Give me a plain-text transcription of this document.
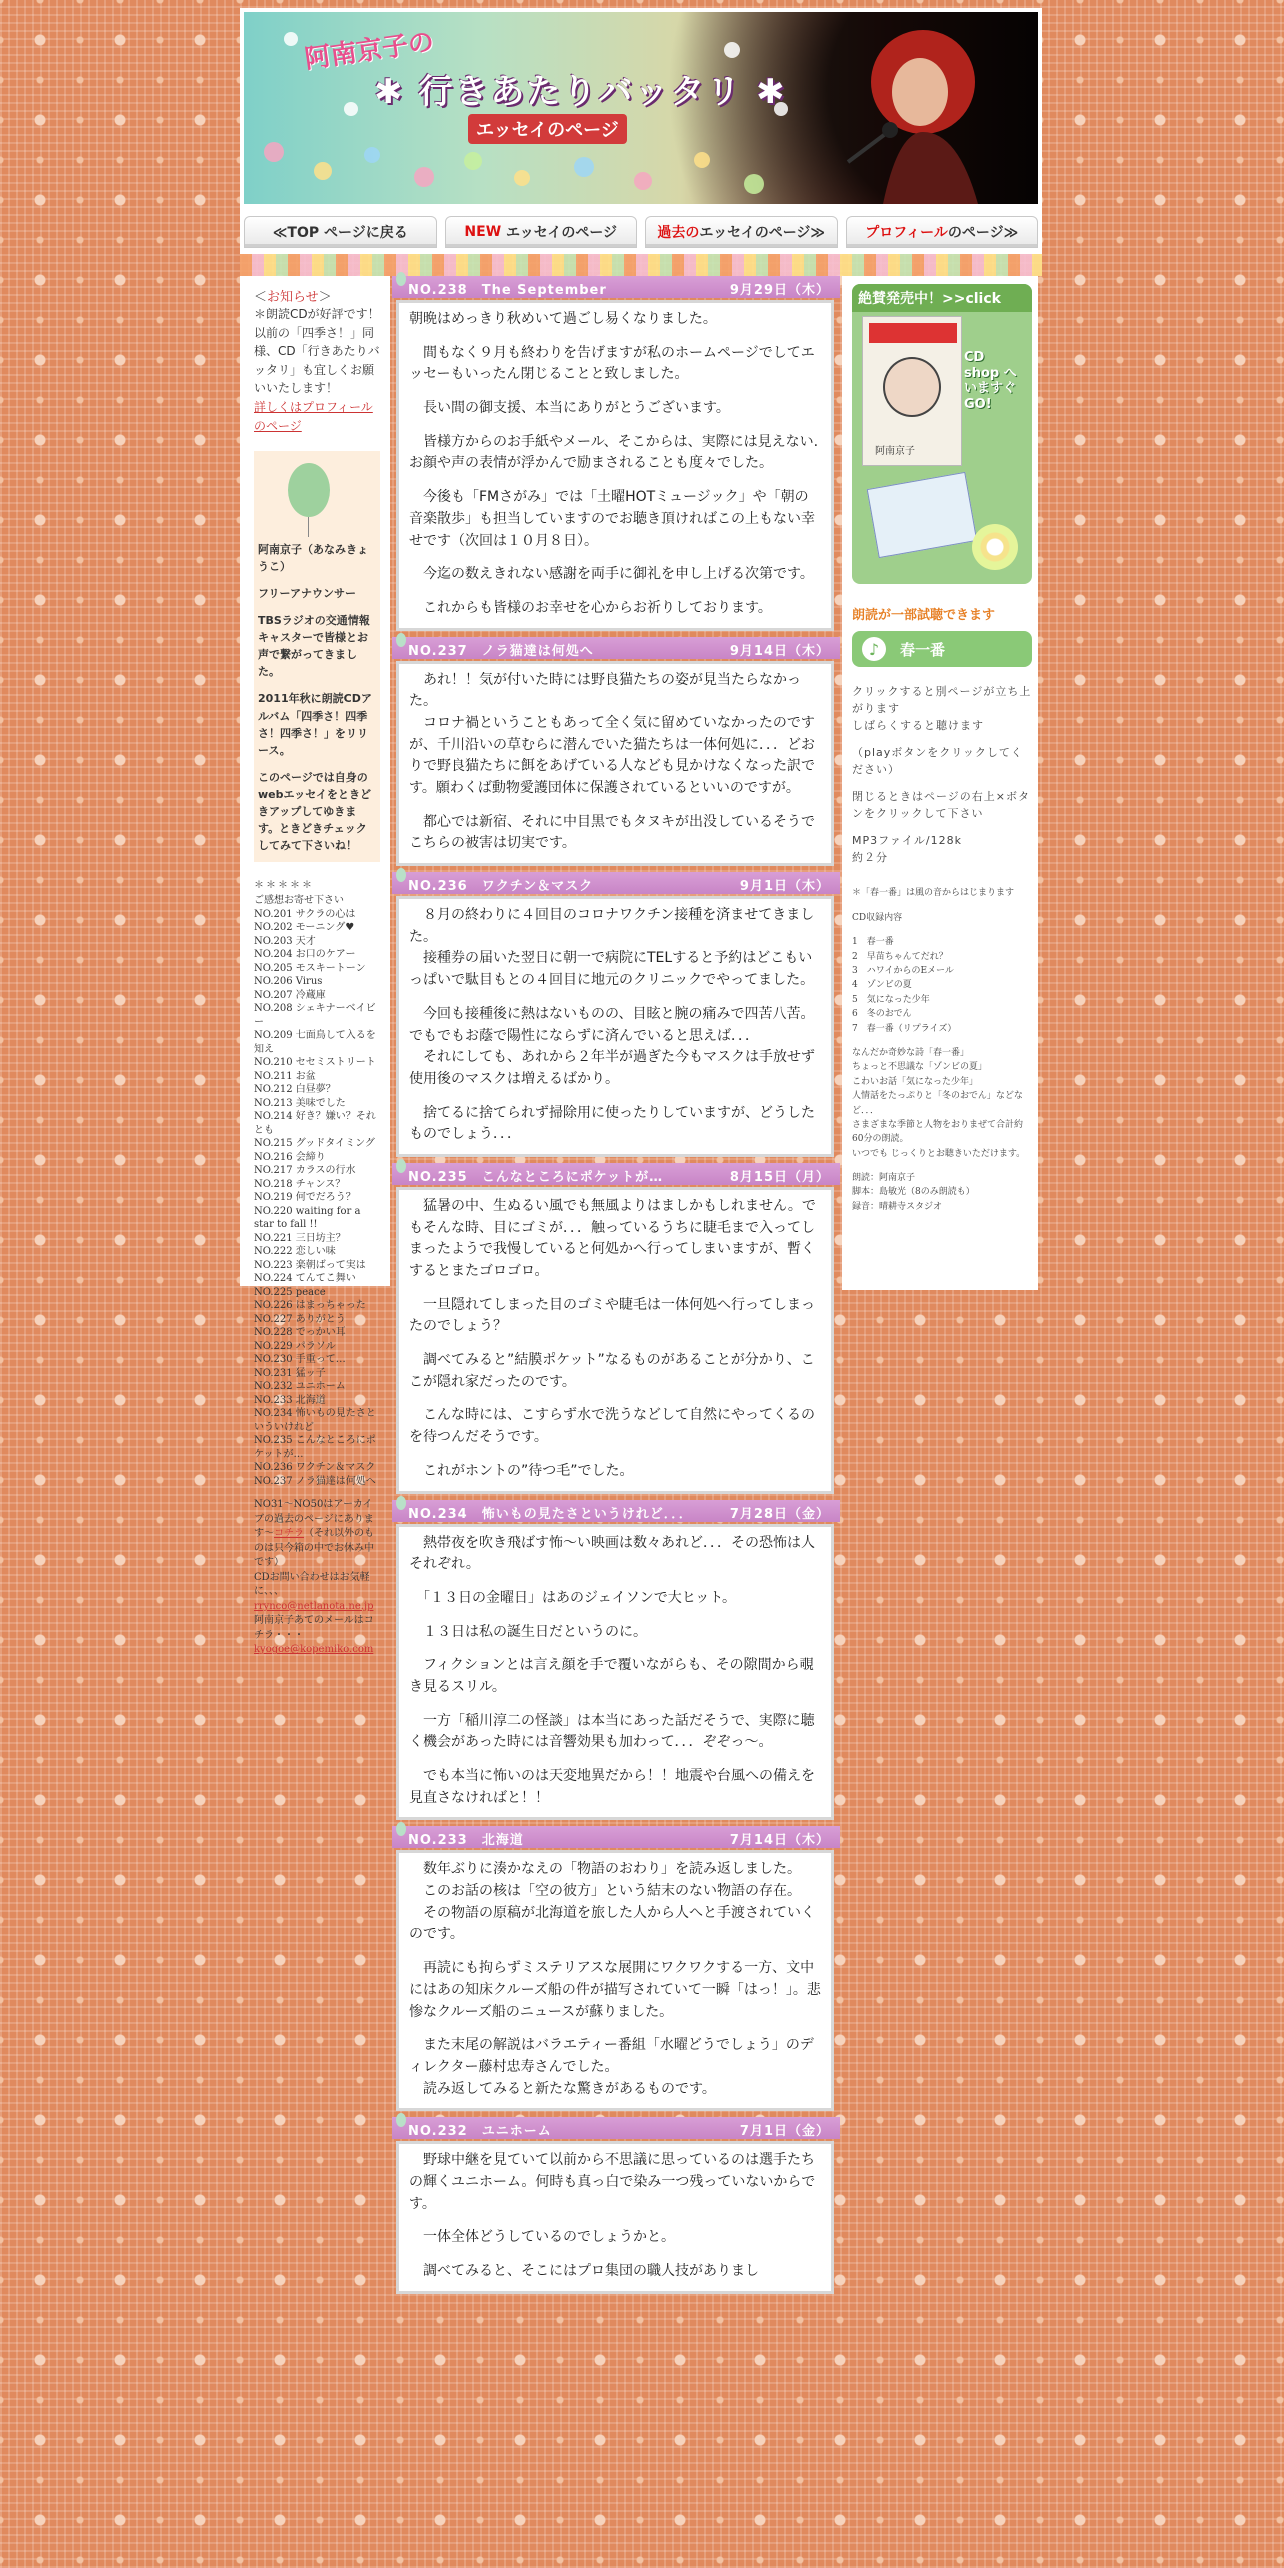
阿南京子の
✱ 行きあたりバッタリ ✱
エッセイのページ
≪TOP ページに戻る	NEW
エッセイのページ	過去の エッセイのページ≫	プロフィール のページ≫
＜お知らせ＞

＊朗読CDが好評です！以前の「四季さ！」同様、CD「行きあたりバッタリ」も宜しくお願いいたします！

詳しくはプロフィールのページ

阿南京子（あなみきょうこ）

フリーアナウンサー

TBSラジオの交通情報キャスターで皆様とお声で繋がってきました。

2011年秋に朗読CDアルバム「四季さ！四季さ！四季さ！」をリリース。

このページでは自身のwebエッセイをときどきアップしてゆきます。ときどきチェックしてみて下さいね！

＊＊＊＊＊
ご感想お寄せ下さい
NO.201 サクラの心は
NO.202 モーニング♥
NO.203 天才
NO.204 お口のケアー
NO.205 モスキートーン
NO.206 Virus
NO.207 冷蔵庫
NO.208 シェキナーベイビー
NO.209 七面鳥して入るを知え
NO.210 セセミストリート
NO.211 お盆
NO.212 白昼夢？
NO.213 美味でした
NO.214 好き？嫌い？それとも
NO.215 グッドタイミング
NO.216 会締り
NO.217 カラスの行水
NO.218 チャンス？
NO.219 何でだろう？
NO.220 waiting for a star to fall !!
NO.221 三日坊主？
NO.222 恋しい味
NO.223 楽朝ばって実は
NO.224 てんてこ舞い
NO.225 peace
NO.226 はまっちゃった
NO.227 ありがとう
NO.228 でっかい耳
NO.229 パラソル
NO.230 手重って…
NO.231 猛ッ子
NO.232 ユニホーム
NO.233 北海道
NO.234 怖いもの見たさといういけれど
NO.235 こんなところにポケットが…
NO.236 ワクチン＆マスク
NO.237 ノラ猫達は何処へ
NO31～NO50はアーカイブの過去のページにあります～コチラ（それ以外のものは只今箱の中でお休み中です）
CDお問い合わせはお気軽に、、、
rrynco@netlanota.ne.jp
阿南京子あてのメールはコチラ・・・
kyogoe@kopemiko.com
NO.238　The September	9月29日（木）

朝晩はめっきり秋めいて過ごし易くなりました。

　間もなく９月も終わりを告げますが私のホームページでしてエッセーもいったん閉じることと致しました。

　長い間の御支援、本当にありがとうございます。

　皆様方からのお手紙やメール、そこからは、実際には見えない.お顔や声の表情が浮かんで励まされることも度々でした。

　今後も「FMさがみ」では「土曜HOTミュージック」や「朝の音楽散歩」も担当していますのでお聴き頂ければこの上もない幸せです（次回は１０月８日）。

　今迄の数えきれない感謝を両手に御礼を申し上げる次第です。

　これからも皆様のお幸せを心からお祈りしております。

NO.237　ノラ猫達は何処へ	9月14日（木）

　あれ！！気が付いた時には野良猫たちの姿が見当たらなかった。
　コロナ禍ということもあって全く気に留めていなかったのですが、千川沿いの草むらに潜んでいた猫たちは一体何処に．．．どおりで野良猫たちに餌をあげている人なども見かけなくなった訳です。願わくば動物愛護団体に保護されているといいのですが。

　都心では新宿、それに中目黒でもタヌキが出没しているそうでこちらの被害は切実です。

NO.236　ワクチン＆マスク	9月1日（木）

　８月の終わりに４回目のコロナワクチン接種を済ませてきました。
　接種券の届いた翌日に朝一で病院にTELすると予約はどこもいっぱいで駄目もとの４回目に地元のクリニックでやってました。

　今回も接種後に熱はないものの、目眩と腕の痛みで四苦八苦。でもでもお蔭で陽性にならずに済んでいると思えば．．．
　それにしても、あれから２年半が過ぎた今もマスクは手放せず使用後のマスクは増えるばかり。

　捨てるに捨てられず掃除用に使ったりしていますが、どうしたものでしょう．．．

NO.235　こんなところにポケットが…	8月15日（月）

　猛暑の中、生ぬるい風でも無風よりはましかもしれません。でもそんな時、目にゴミが．．．触っているうちに睫毛まで入ってしまったようで我慢していると何処かへ行ってしまいますが、暫くするとまたゴロゴロ。

　一旦隠れてしまった目のゴミや睫毛は一体何処へ行ってしまったのでしょう？

　調べてみると”結膜ポケット”なるものがあることが分かり、ここが隠れ家だったのです。

　こんな時には、こすらず水で洗うなどして自然にやってくるのを待つんだそうです。

　これがホントの”待つ毛”でした。

NO.234　怖いもの見たさというけれど．．．	7月28日（金）

　熱帯夜を吹き飛ばす怖～い映画は数々あれど．．．その恐怖は人それぞれ。

　「１３日の金曜日」はあのジェイソンで大ヒット。

　１３日は私の誕生日だというのに。

　フィクションとは言え顔を手で覆いながらも、その隙間から覗き見るスリル。

　一方「稲川淳二の怪談」は本当にあった話だそうで、実際に聴く機会があった時には音響効果も加わって．．．ぞぞっ～。

　でも本当に怖いのは天変地異だから！！地震や台風への備えを見直さなければと！！

NO.233　北海道	7月14日（木）

　数年ぶりに湊かなえの「物語のおわり」を読み返しました。
　このお話の核は「空の彼方」という結末のない物語の存在。
　その物語の原稿が北海道を旅した人から人へと手渡されていくのです。

　再読にも拘らずミステリアスな展開にワクワクする一方、文中にはあの知床クルーズ船の件が描写されていて一瞬「はっ！」。悲惨なクルーズ船のニュースが蘇りました。

　また末尾の解説はバラエティー番組「水曜どうでしょう」のディレクター藤村忠寿さんでした。
　読み返してみると新たな驚きがあるものです。

NO.232　ユニホーム	7月1日（金）

　野球中継を見ていて以前から不思議に思っているのは選手たちの輝くユニホーム。何時も真っ白で染み一つ残っていないからです。

　一体全体どうしているのでしょうかと。

　調べてみると、そこにはプロ集団の職人技がありまし

絶賛発売中！>>click
阿南京子
CD shop へいますぐGO!
朗読が一部試聴できます
♪	春一番

クリックすると別ページが立ち上がります
しばらくすると聴けます

（playボタンをクリックしてください）

閉じるときはページの右上×ボタンをクリックして下さい

MP3ファイル/128k
約２分

＊「春一番」は風の音からはじまります

CD収録内容

1　春一番
2　早苗ちゃんてだれ？
3　ハワイからのEメール
4　ゾンビの夏
5　気になった少年
6　冬のおでん
7　春一番（リプライズ）

なんだか奇妙な詩「春一番」
ちょっと不思議な「ゾンビの夏」
こわいお話「気になった少年」
人情話をたっぷりと「冬のおでん」などなど．．．
さまざまな季節と人物をおりまぜて合計約60分の朗読。
いつでも じっくりとお聴きいただけます。

朗読：阿南京子
脚本：島敏光（8のみ朗読も）
録音：晴耕寺スタジオ
